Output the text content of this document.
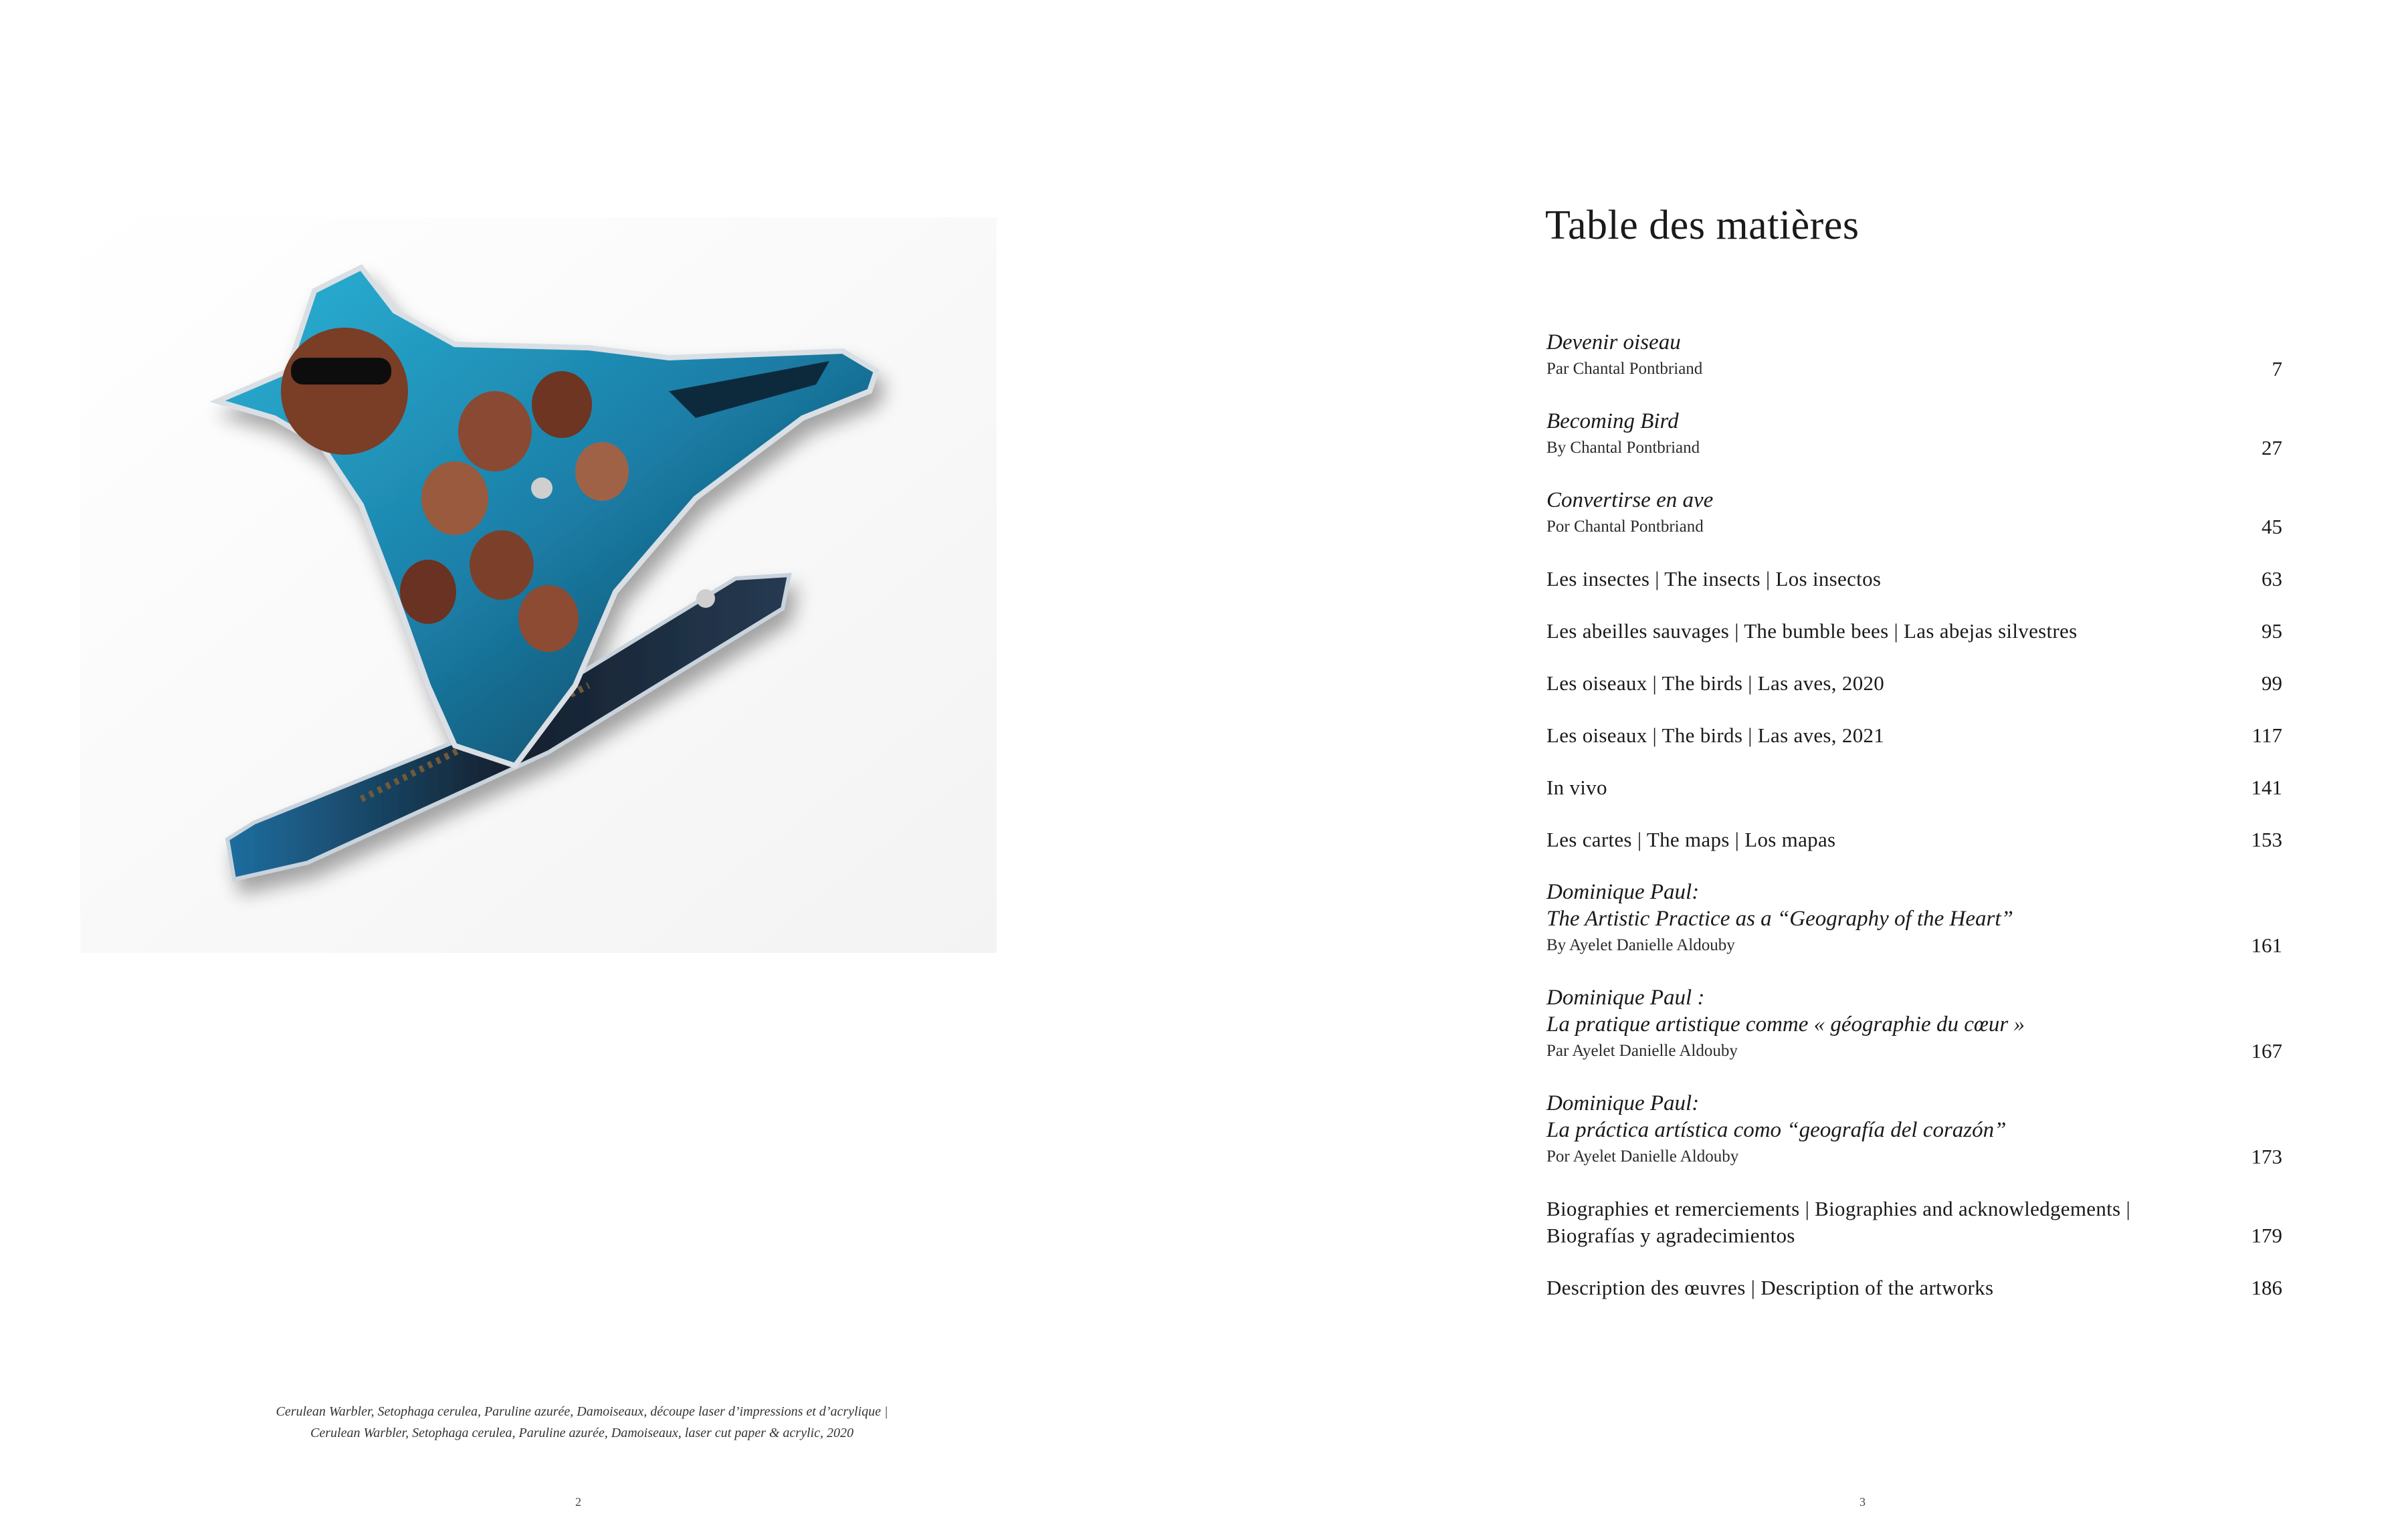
Cerulean Warbler, Setophaga cerulea, Paruline azurée, Damoiseaux, découpe laser d’impressions et d’acrylique |
Cerulean Warbler, Setophaga cerulea, Paruline azurée, Damoiseaux, laser cut paper & acrylic, 2020
2
Table des matières
Devenir oiseau
Par Chantal Pontbriand	7
Becoming Bird
By Chantal Pontbriand	27
Convertirse en ave
Por Chantal Pontbriand	45
Les insectes | The insects | Los insectos	63
Les abeilles sauvages | The bumble bees | Las abejas silvestres	95
Les oiseaux | The birds | Las aves, 2020	99
Les oiseaux | The birds | Las aves, 2021	117
In vivo	141
Les cartes | The maps | Los mapas	153
Dominique Paul:
The Artistic Practice as a “Geography of the Heart”
By Ayelet Danielle Aldouby	161
Dominique Paul :
La pratique artistique comme « géographie du cœur »
Par Ayelet Danielle Aldouby	167
Dominique Paul:
La práctica artística como “geografía del corazón”
Por Ayelet Danielle Aldouby	173
Biographies et remerciements | Biographies and acknowledgements |
Biografías y agradecimientos	179
Description des œuvres | Description of the artworks	186
3
